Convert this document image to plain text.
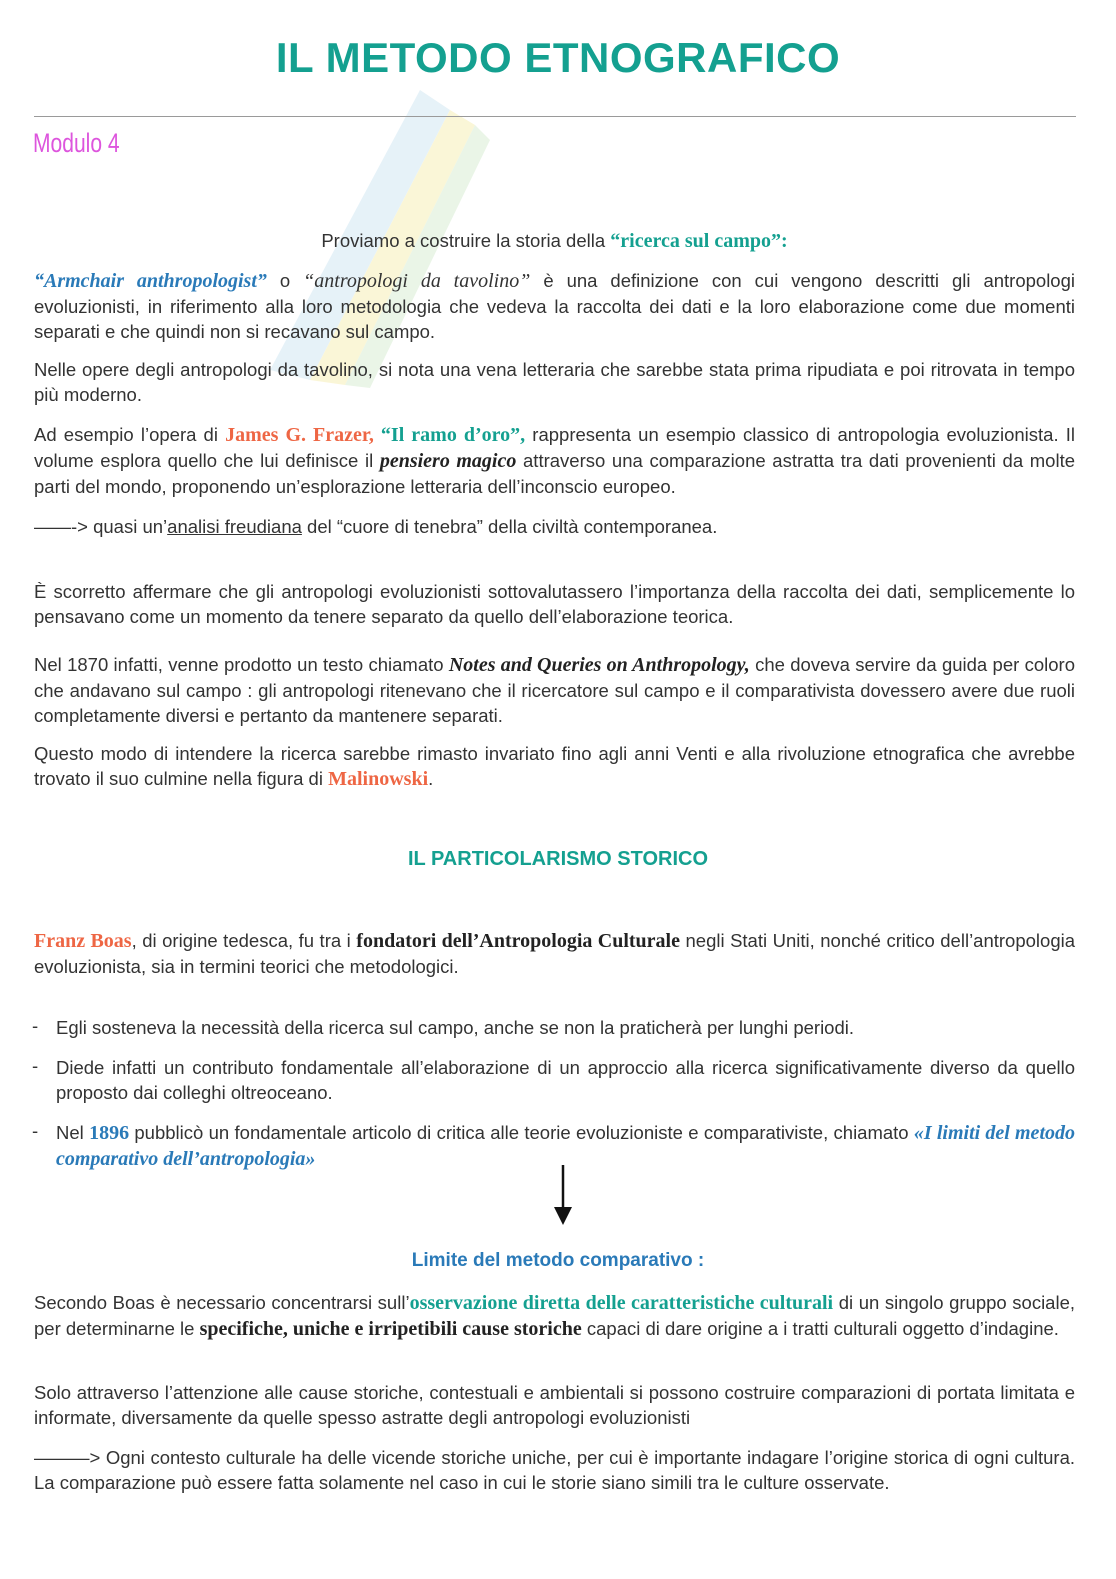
IL METODO ETNOGRAFICO
Modulo 4

Proviamo a costruire la storia della “ricerca sul campo”:

“Armchair anthropologist” o “antropologi da tavolino” è una definizione con cui vengono descritti gli antropologi evoluzionisti, in riferimento alla loro metodologia che vedeva la raccolta dei dati e la loro elaborazione come due momenti separati e che quindi non si recavano sul campo.

Nelle opere degli antropologi da tavolino, si nota una vena letteraria che sarebbe stata prima ripudiata e poi ritrovata in tempo più moderno.

Ad esempio l’opera di James G. Frazer, “Il ramo d’oro”, rappresenta un esempio classico di antropologia evoluzionista. Il volume esplora quello che lui definisce il pensiero magico attraverso una comparazione astratta tra dati provenienti da molte parti del mondo, proponendo un’esplorazione letteraria dell’inconscio europeo.

——-> quasi un’analisi freudiana del “cuore di tenebra” della civiltà contemporanea.

È scorretto affermare che gli antropologi evoluzionisti sottovalutassero l’importanza della raccolta dei dati, semplicemente lo pensavano come un momento da tenere separato da quello dell’elaborazione teorica.

Nel 1870 infatti, venne prodotto un testo chiamato Notes and Queries on Anthropology, che doveva servire da guida per coloro che andavano sul campo : gli antropologi ritenevano che il ricercatore sul campo e il comparativista dovessero avere due ruoli completamente diversi e pertanto da mantenere separati.

Questo modo di intendere la ricerca sarebbe rimasto invariato fino agli anni Venti e alla rivoluzione etnografica che avrebbe trovato il suo culmine nella figura di Malinowski.

IL PARTICOLARISMO STORICO

Franz Boas, di origine tedesca, fu tra i fondatori dell’Antropologia Culturale negli Stati Uniti, nonché critico dell’antropologia evoluzionista, sia in termini teorici che metodologici.

- Egli sosteneva la necessità della ricerca sul campo, anche se non la praticherà per lunghi periodi.

- Diede infatti un contributo fondamentale all’elaborazione di un approccio alla ricerca significativamente diverso da quello proposto dai colleghi oltreoceano.

- Nel 1896 pubblicò un fondamentale articolo di critica alle teorie evoluzioniste e comparativiste, chiamato «I limiti del metodo comparativo dell’antropologia»

Limite del metodo comparativo :

Secondo Boas è necessario concentrarsi sull’osservazione diretta delle caratteristiche culturali di un singolo gruppo sociale, per determinarne le specifiche, uniche e irripetibili cause storiche capaci di dare origine a i tratti culturali oggetto d’indagine.

Solo attraverso l’attenzione alle cause storiche, contestuali e ambientali si possono costruire comparazioni di portata limitata e informate, diversamente da quelle spesso astratte degli antropologi evoluzionisti

———> Ogni contesto culturale ha delle vicende storiche uniche, per cui è importante indagare l’origine storica di ogni cultura. La comparazione può essere fatta solamente nel caso in cui le storie siano simili tra le culture osservate.
